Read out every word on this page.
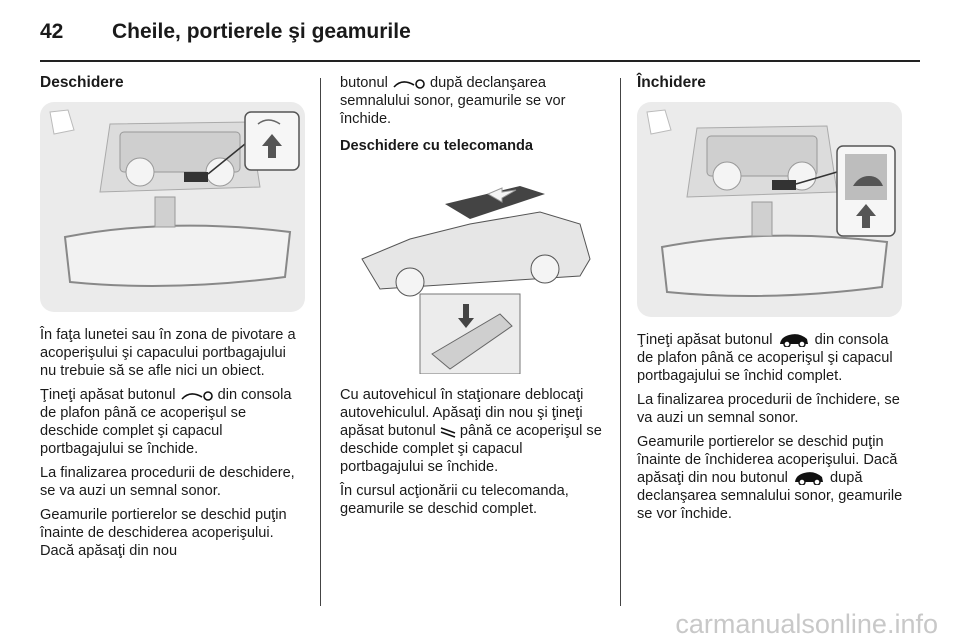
42 Cheile, portierele şi geamurile
Deschidere

În faţa lunetei sau în zona de pivotare a acoperişului şi capacului portbagajului nu trebuie să se afle nici un obiect.

Ţineţi apăsat butonul  din consola de plafon până ce acoperişul se deschide complet şi capacul portbagajului se închide.

La finalizarea procedurii de deschidere, se va auzi un semnal sonor.

Geamurile portierelor se deschid puţin înainte de deschiderea acoperişului. Dacă apăsaţi din nou

butonul  după declanşarea semnalului sonor, geamurile se vor închide.

Deschidere cu telecomanda

Cu autovehicul în staţionare deblocaţi autovehiculul. Apăsaţi din nou şi ţineţi apăsat butonul  până ce acoperişul se deschide complet şi capacul portbagajului se închide.

În cursul acţionării cu telecomanda, geamurile se deschid complet.

Închidere

Ţineţi apăsat butonul  din consola de plafon până ce acoperişul şi capacul portbagajului se închid complet.

La finalizarea procedurii de închidere, se va auzi un semnal sonor.

Geamurile portierelor se deschid puţin înainte de închiderea acoperişului. Dacă apăsaţi din nou butonul  după declanşarea semnalului sonor, geamurile se vor închide.

carmanualsonline.info
